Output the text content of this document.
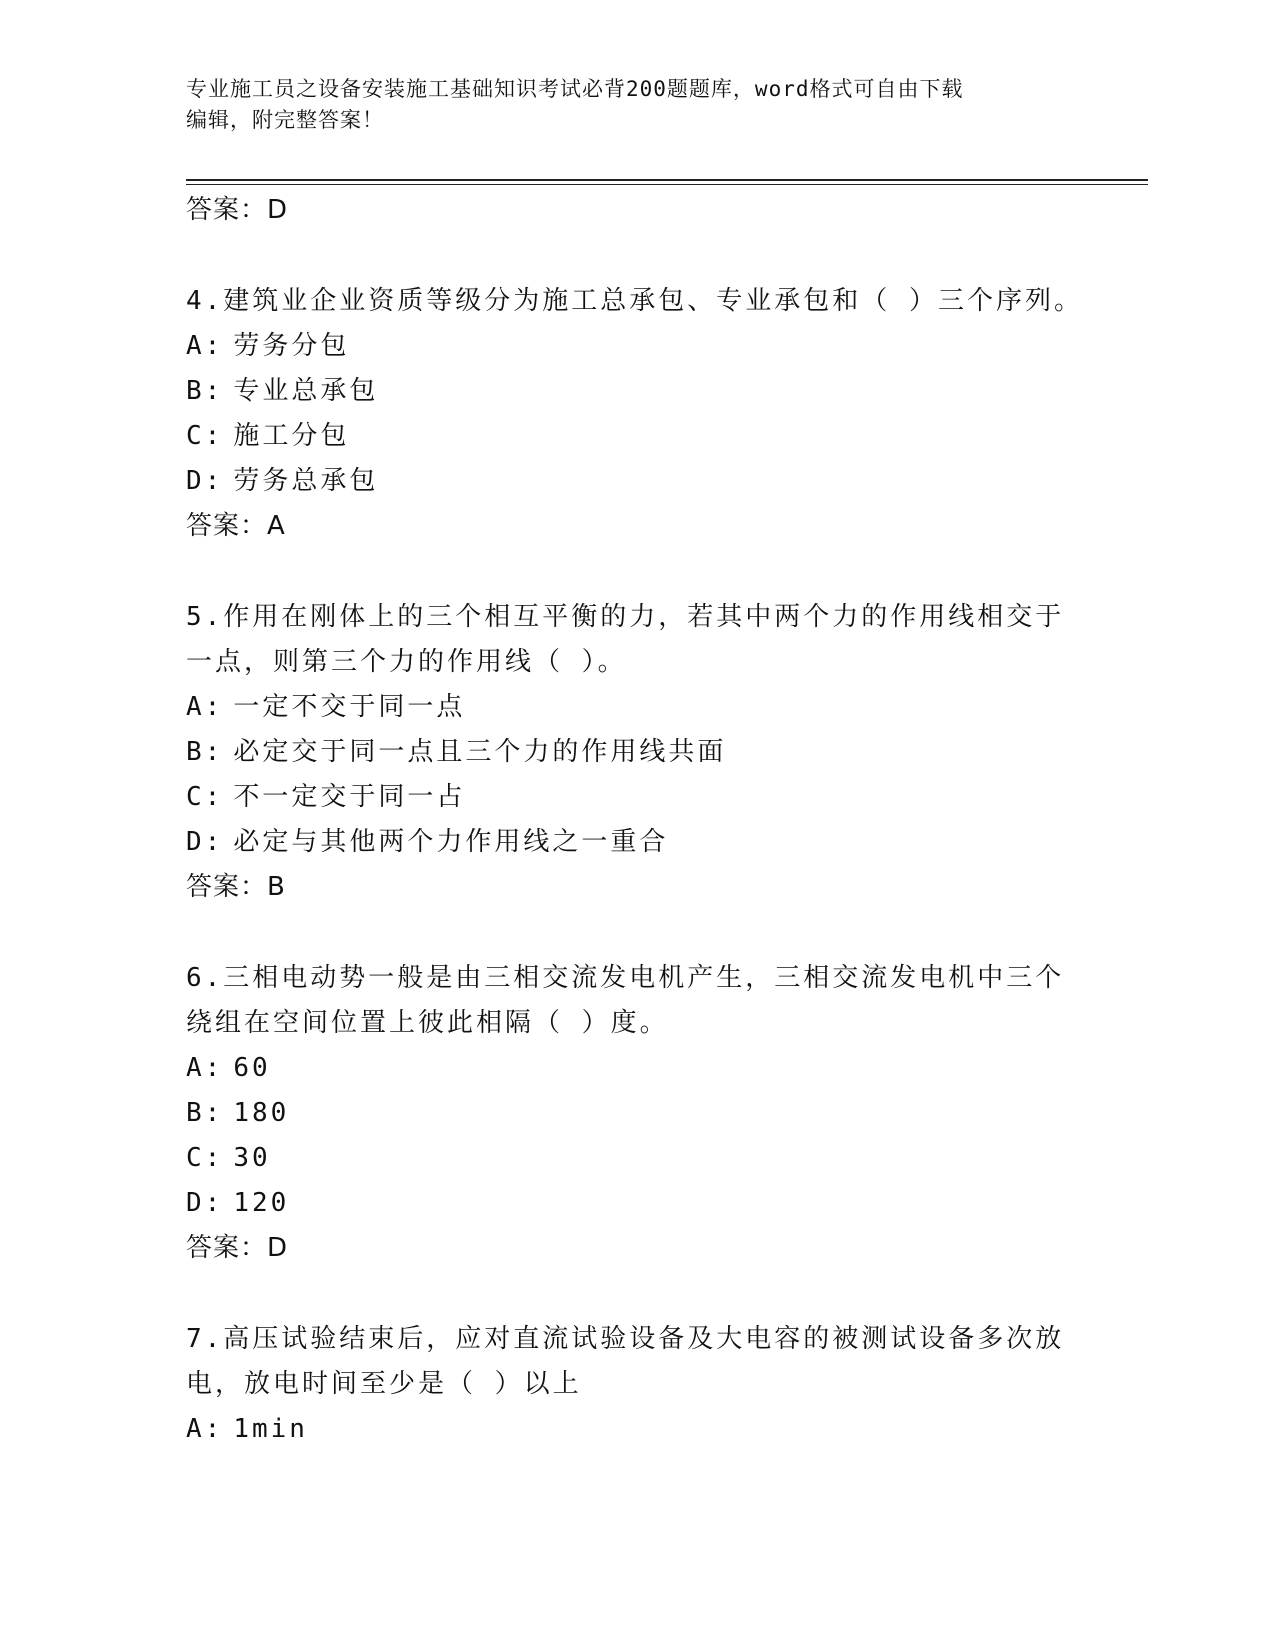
专业施工员之设备安装施工基础知识考试必背200题题库，word格式可自由下载
编辑，附完整答案！
答案：D
4.建筑业企业资质等级分为施工总承包、专业承包和（ ）三个序列。
A: 劳务分包
B: 专业总承包
C: 施工分包
D: 劳务总承包
答案：A
5.作用在刚体上的三个相互平衡的力，若其中两个力的作用线相交于
一点，则第三个力的作用线（ ）。
A: 一定不交于同一点
B: 必定交于同一点且三个力的作用线共面
C: 不一定交于同一占
D: 必定与其他两个力作用线之一重合
答案：B
6.三相电动势一般是由三相交流发电机产生，三相交流发电机中三个
绕组在空间位置上彼此相隔（ ）度。
A: 60
B: 180
C: 30
D: 120
答案：D
7.高压试验结束后，应对直流试验设备及大电容的被测试设备多次放
电，放电时间至少是（ ）以上
A: 1min
